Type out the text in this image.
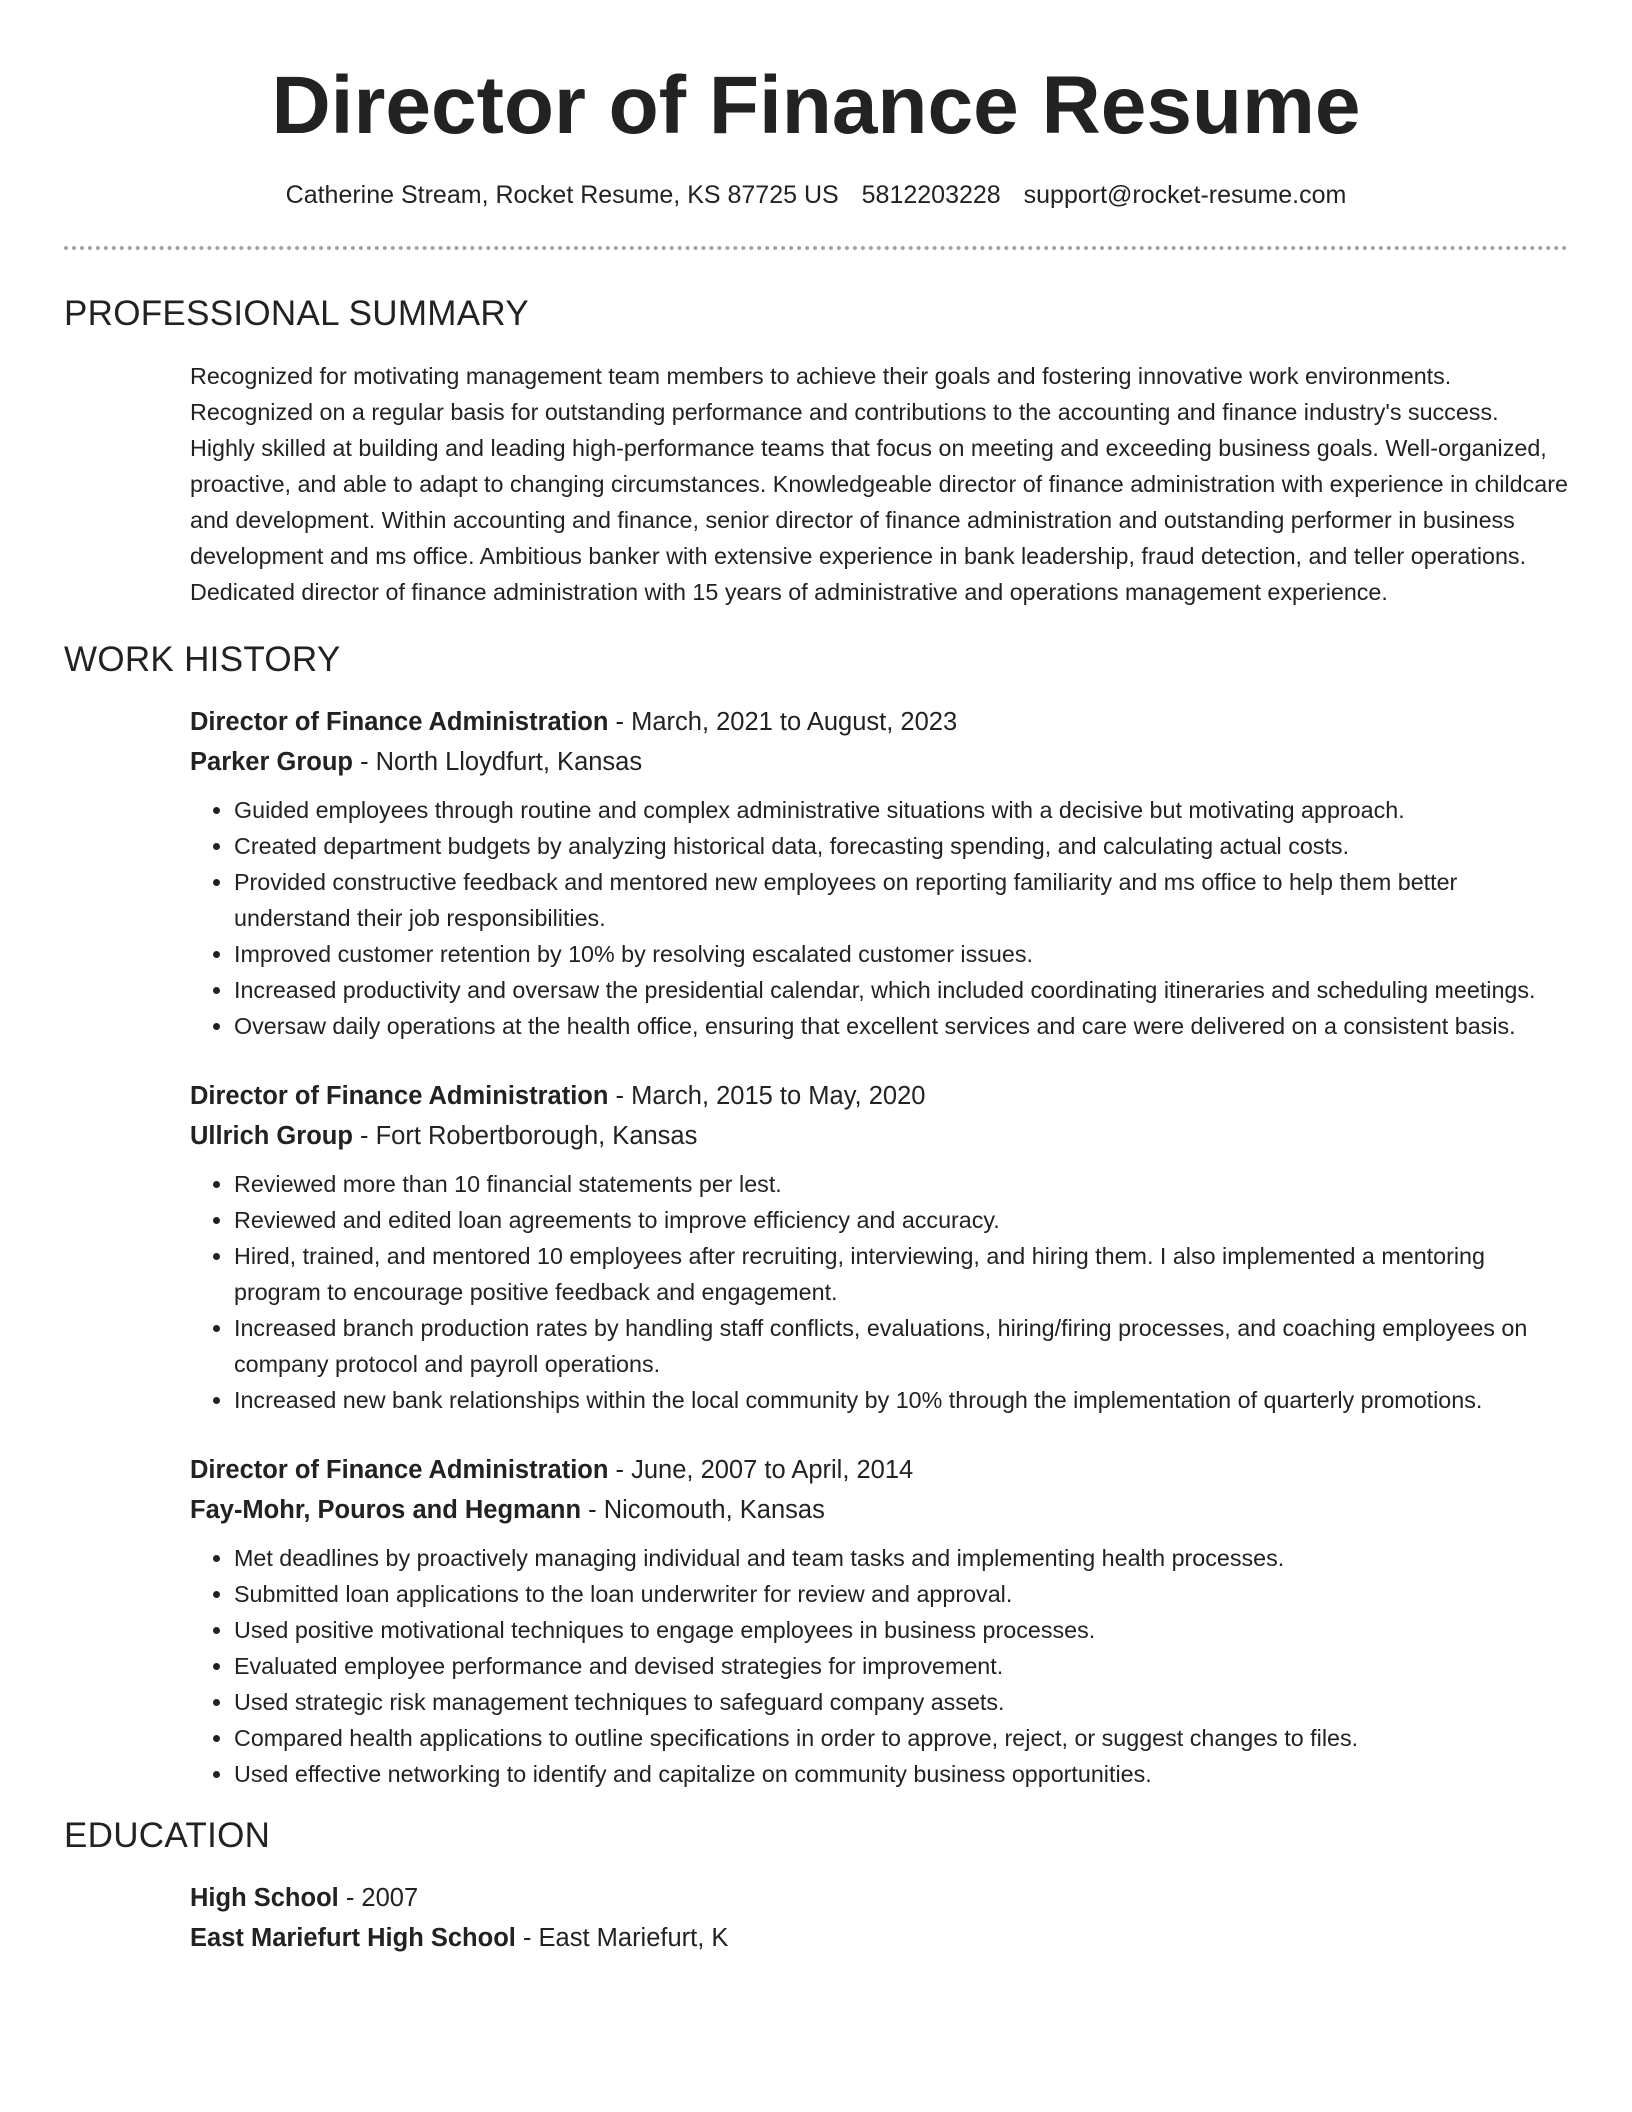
Director of Finance Resume
Catherine Stream, Rocket Resume, KS 87725 US 5812203228 support@rocket-resume.com
PROFESSIONAL SUMMARY
Recognized for motivating management team members to achieve their goals and fostering innovative work environments. Recognized on a regular basis for outstanding performance and contributions to the accounting and finance industry's success. Highly skilled at building and leading high-performance teams that focus on meeting and exceeding business goals. Well-organized, proactive, and able to adapt to changing circumstances. Knowledgeable director of finance administration with experience in childcare and development. Within accounting and finance, senior director of finance administration and outstanding performer in business development and ms office. Ambitious banker with extensive experience in bank leadership, fraud detection, and teller operations. Dedicated director of finance administration with 15 years of administrative and operations management experience.
WORK HISTORY
Director of Finance Administration - March, 2021 to August, 2023
Parker Group - North Lloydfurt, Kansas
• Guided employees through routine and complex administrative situations with a decisive but motivating approach.
• Created department budgets by analyzing historical data, forecasting spending, and calculating actual costs.
• Provided constructive feedback and mentored new employees on reporting familiarity and ms office to help them better understand their job responsibilities.
• Improved customer retention by 10% by resolving escalated customer issues.
• Increased productivity and oversaw the presidential calendar, which included coordinating itineraries and scheduling meetings.
• Oversaw daily operations at the health office, ensuring that excellent services and care were delivered on a consistent basis.
Director of Finance Administration - March, 2015 to May, 2020
Ullrich Group - Fort Robertborough, Kansas
• Reviewed more than 10 financial statements per lest.
• Reviewed and edited loan agreements to improve efficiency and accuracy.
• Hired, trained, and mentored 10 employees after recruiting, interviewing, and hiring them. I also implemented a mentoring program to encourage positive feedback and engagement.
• Increased branch production rates by handling staff conflicts, evaluations, hiring/firing processes, and coaching employees on company protocol and payroll operations.
• Increased new bank relationships within the local community by 10% through the implementation of quarterly promotions.
Director of Finance Administration - June, 2007 to April, 2014
Fay-Mohr, Pouros and Hegmann - Nicomouth, Kansas
• Met deadlines by proactively managing individual and team tasks and implementing health processes.
• Submitted loan applications to the loan underwriter for review and approval.
• Used positive motivational techniques to engage employees in business processes.
• Evaluated employee performance and devised strategies for improvement.
• Used strategic risk management techniques to safeguard company assets.
• Compared health applications to outline specifications in order to approve, reject, or suggest changes to files.
• Used effective networking to identify and capitalize on community business opportunities.
EDUCATION
High School - 2007
East Mariefurt High School - East Mariefurt, K
